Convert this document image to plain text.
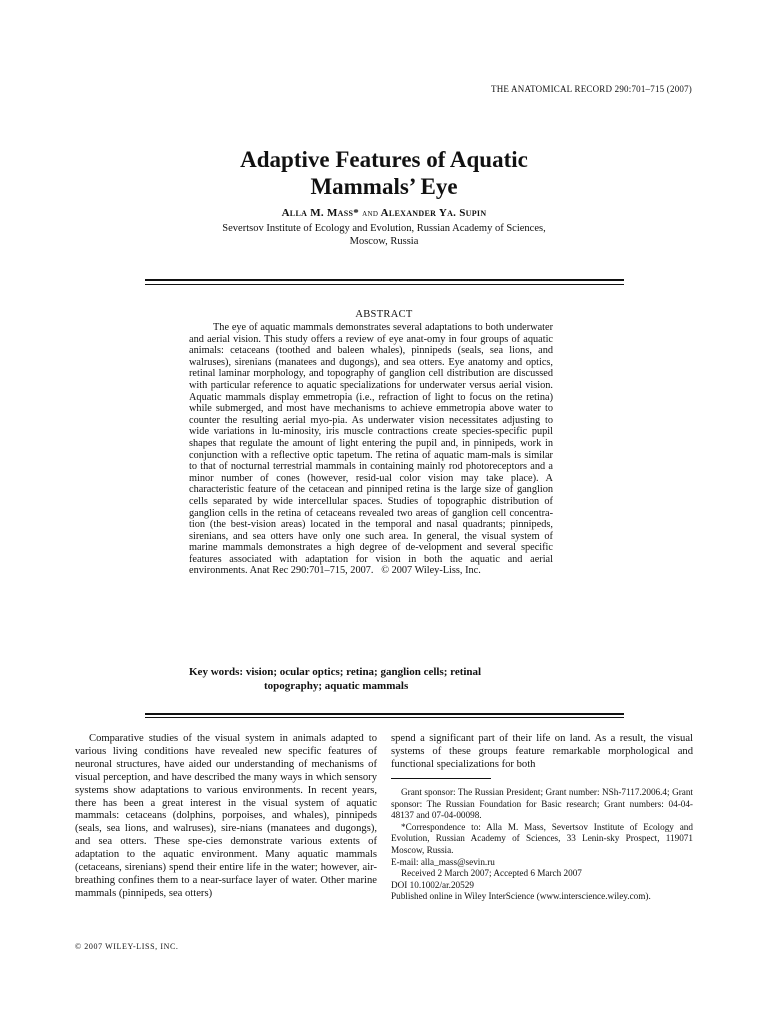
THE ANATOMICAL RECORD 290:701–715 (2007)

Adaptive Features of Aquatic
Mammals’ Eye

Alla M. Mass* and Alexander Ya. Supin

Severtsov Institute of Ecology and Evolution, Russian Academy of Sciences,
Moscow, Russia

ABSTRACT

The eye of aquatic mammals demonstrates several adaptations to both underwater and aerial vision. This study offers a review of eye anat-omy in four groups of aquatic animals: cetaceans (toothed and baleen whales), pinnipeds (seals, sea lions, and walruses), sirenians (manatees and dugongs), and sea otters. Eye anatomy and optics, retinal laminar morphology, and topography of ganglion cell distribution are discussed with particular reference to aquatic specializations for underwater versus aerial vision. Aquatic mammals display emmetropia (i.e., refraction of light to focus on the retina) while submerged, and most have mechanisms to achieve emmetropia above water to counter the resulting aerial myo-pia. As underwater vision necessitates adjusting to wide variations in lu-minosity, iris muscle contractions create species-specific pupil shapes that regulate the amount of light entering the pupil and, in pinnipeds, work in conjunction with a reflective optic tapetum. The retina of aquatic mam-mals is similar to that of nocturnal terrestrial mammals in containing mainly rod photoreceptors and a minor number of cones (however, resid-ual color vision may take place). A characteristic feature of the cetacean and pinniped retina is the large size of ganglion cells separated by wide intercellular spaces. Studies of topographic distribution of ganglion cells in the retina of cetaceans revealed two areas of ganglion cell concentra-tion (the best-vision areas) located in the temporal and nasal quadrants; pinnipeds, sirenians, and sea otters have only one such area. In general, the visual system of marine mammals demonstrates a high degree of de-velopment and several specific features associated with adaptation for vision in both the aquatic and aerial environments. Anat Rec 290:701–715, 2007. © 2007 Wiley-Liss, Inc.

Key words: vision; ocular optics; retina; ganglion cells; retinal
topography; aquatic mammals

Comparative studies of the visual system in animals adapted to various living conditions have revealed new specific features of neuronal structures, have aided our understanding of mechanisms of visual perception, and have described the many ways in which sensory systems show adaptations to various environments. In recent years, there has been a great interest in the visual system of aquatic mammals: cetaceans (dolphins, porpoises, and whales), pinnipeds (seals, sea lions, and walruses), sire-nians (manatees and dugongs), and sea otters. These spe-cies demonstrate various extents of adaptation to the aquatic environment. Many aquatic mammals (cetaceans, sirenians) spend their entire life in the water; however, air-breathing confines them to a near-surface layer of water. Other marine mammals (pinnipeds, sea otters)

spend a significant part of their life on land. As a result, the visual systems of these groups feature remarkable morphological and functional specializations for both

Grant sponsor: The Russian President; Grant number: NSh-7117.2006.4; Grant sponsor: The Russian Foundation for Basic research; Grant numbers: 04-04-48137 and 07-04-00098.

*Correspondence to: Alla M. Mass, Severtsov Institute of Ecology and Evolution, Russian Academy of Sciences, 33 Lenin-sky Prospect, 119071 Moscow, Russia.

E-mail: alla_mass@sevin.ru

Received 2 March 2007; Accepted 6 March 2007

DOI 10.1002/ar.20529

Published online in Wiley InterScience (www.interscience.wiley.com).

© 2007 WILEY-LISS, INC.
